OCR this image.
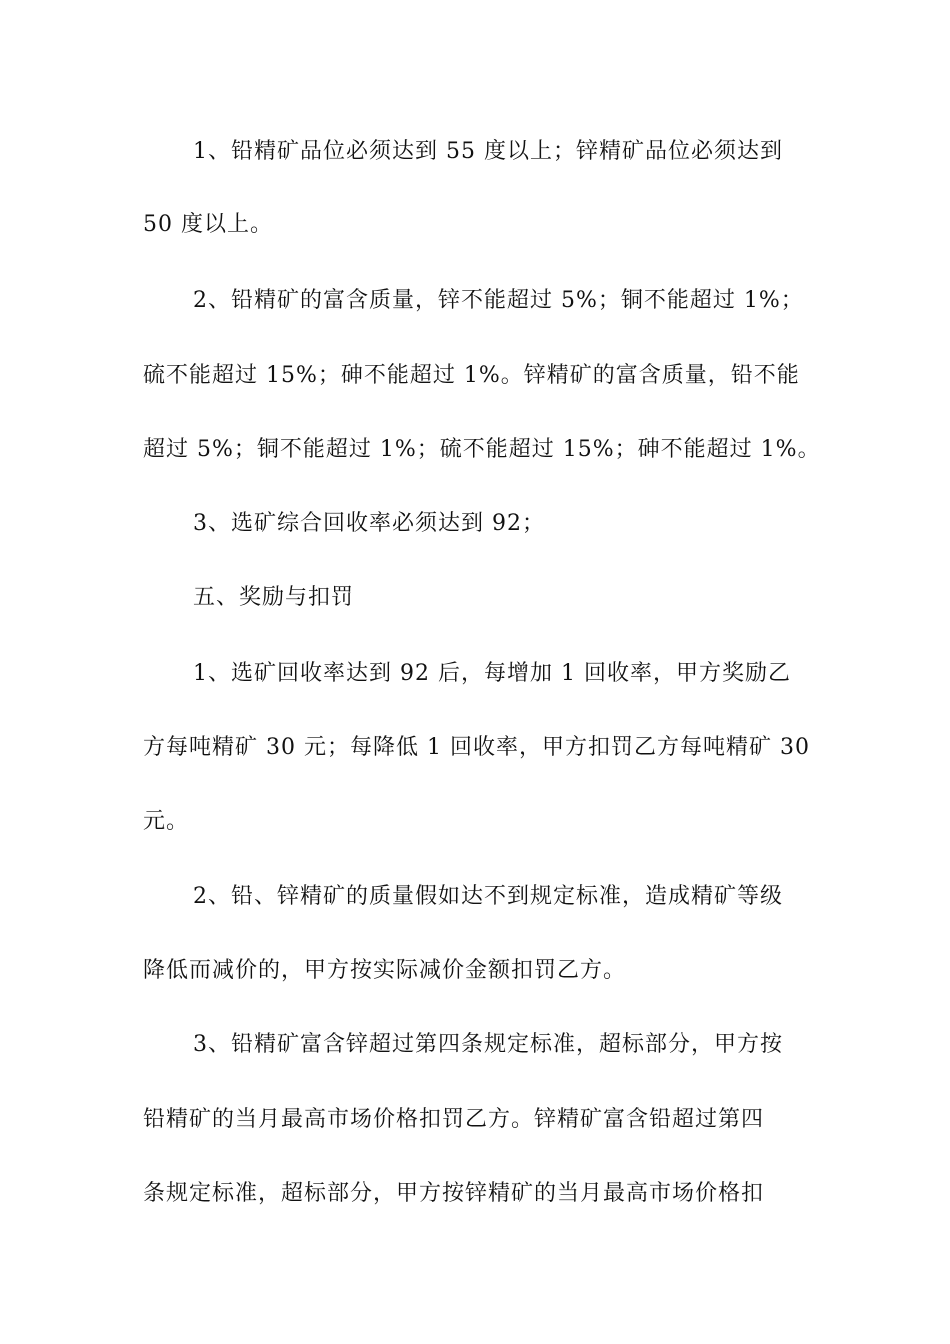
1、铅精矿品位必须达到 55 度以上；锌精矿品位必须达到
50 度以上。
2、铅精矿的富含质量，锌不能超过 5%；铜不能超过 1%；
硫不能超过 15%；砷不能超过 1%。锌精矿的富含质量，铅不能
超过 5%；铜不能超过 1%；硫不能超过 15%；砷不能超过 1%。
3、选矿综合回收率必须达到 92；
五、奖励与扣罚
1、选矿回收率达到 92 后，每增加 1 回收率，甲方奖励乙
方每吨精矿 30 元；每降低 1 回收率，甲方扣罚乙方每吨精矿 30
元。
2、铅、锌精矿的质量假如达不到规定标准，造成精矿等级
降低而减价的，甲方按实际减价金额扣罚乙方。
3、铅精矿富含锌超过第四条规定标准，超标部分，甲方按
铅精矿的当月最高市场价格扣罚乙方。锌精矿富含铅超过第四
条规定标准，超标部分，甲方按锌精矿的当月最高市场价格扣
